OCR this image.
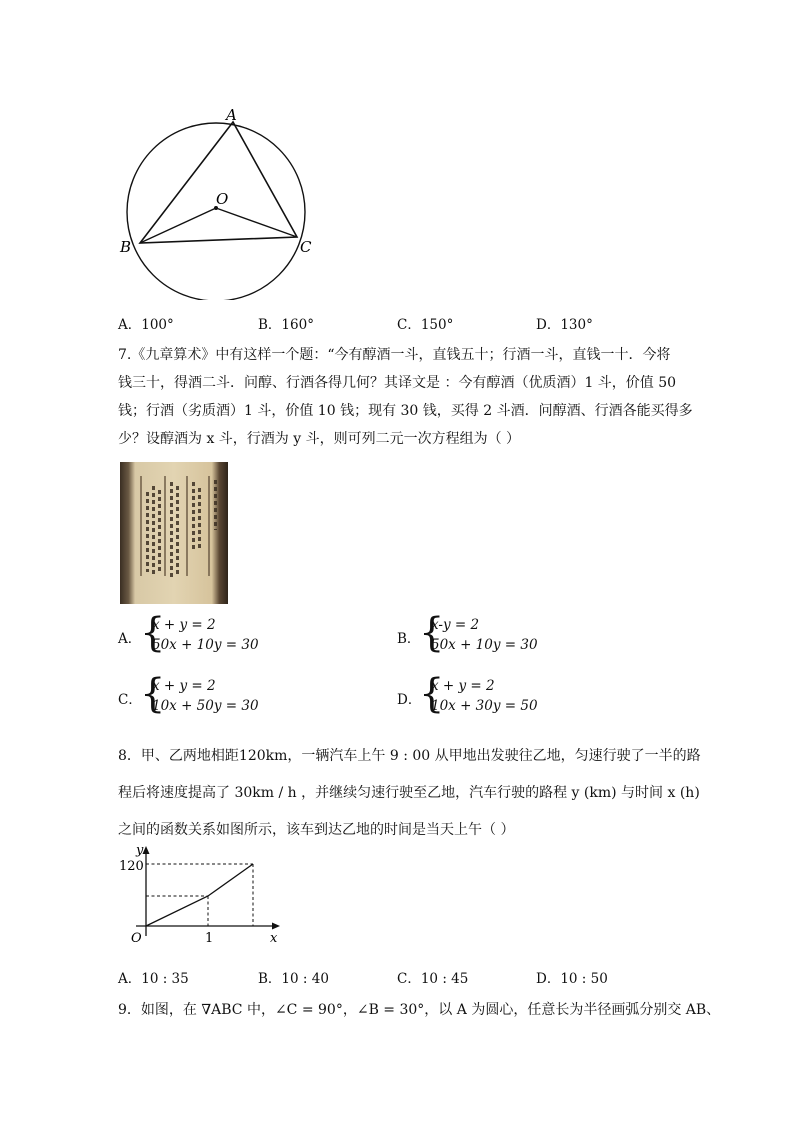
A
O
B	C
A．100°	B．160°	C．150°	D．130°
7.《九章算术》中有这样一个题：“今有醇酒一斗，直钱五十；行酒一斗，直钱一十．今将
钱三十，得酒二斗．问醇、行酒各得几何？其译文是 ：今有醇酒（优质酒）1 斗，价值 50
钱；行酒（劣质酒）1 斗，价值 10 钱；现有 30 钱，买得 2 斗酒．问醇酒、行酒各能买得多
少？设醇酒为 x 斗，行酒为 y 斗，则可列二元一次方程组为（ ）
A．
{
x + y = 2
50x + 10y = 30	B．
{
x-y = 2
50x + 10y = 30
C．
{
x + y = 2
10x + 50y = 30	D．
{
x + y = 2
10x + 30y = 50
8．甲、乙两地相距120km，一辆汽车上午 9 : 00 从甲地出发驶往乙地，匀速行驶了一半的路
程后将速度提高了 30km / h ，并继续匀速行驶至乙地，汽车行驶的路程 y (km) 与时间 x (h)
之间的函数关系如图所示，该车到达乙地的时间是当天上午（ ）
y
120
O	1	x
A．10 : 35	B．10 : 40	C．10 : 45	D．10 : 50
9．如图，在 ∇ABC 中，∠C = 90°，∠B = 30°，以 A 为圆心，任意长为半径画弧分别交 AB、
